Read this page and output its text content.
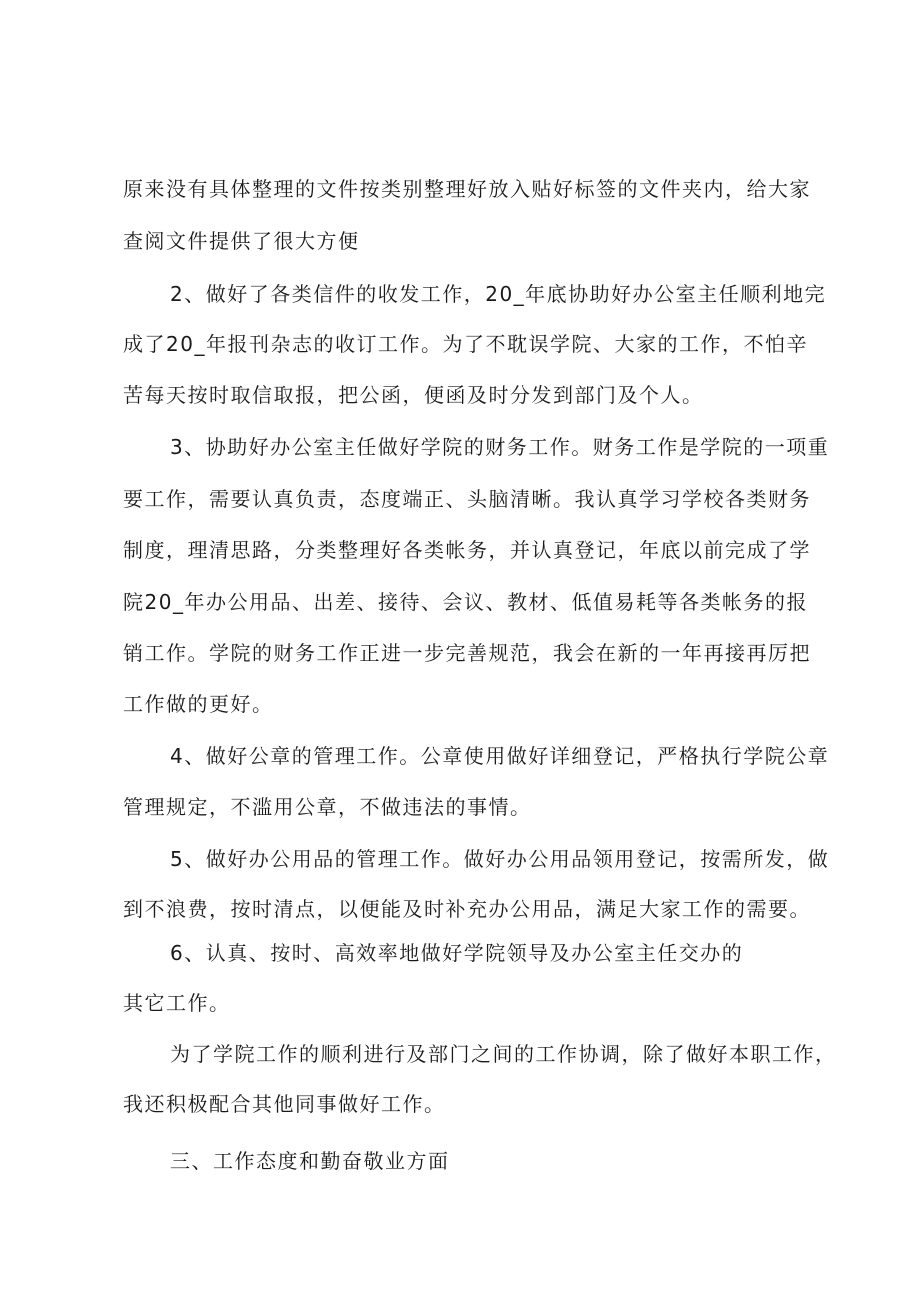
原来没有具体整理的文件按类别整理好放入贴好标签的文件夹内，给大家
查阅文件提供了很大方便
2、做好了各类信件的收发工作，20_年底协助好办公室主任顺利地完
成了20_年报刊杂志的收订工作。为了不耽误学院、大家的工作，不怕辛
苦每天按时取信取报，把公函，便函及时分发到部门及个人。
3、协助好办公室主任做好学院的财务工作。财务工作是学院的一项重
要工作，需要认真负责，态度端正、头脑清晰。我认真学习学校各类财务
制度，理清思路，分类整理好各类帐务，并认真登记，年底以前完成了学
院20_年办公用品、出差、接待、会议、教材、低值易耗等各类帐务的报
销工作。学院的财务工作正进一步完善规范，我会在新的一年再接再厉把
工作做的更好。
4、做好公章的管理工作。公章使用做好详细登记，严格执行学院公章
管理规定，不滥用公章，不做违法的事情。
5、做好办公用品的管理工作。做好办公用品领用登记，按需所发，做
到不浪费，按时清点，以便能及时补充办公用品，满足大家工作的需要。
6、认真、按时、高效率地做好学院领导及办公室主任交办的
其它工作。
为了学院工作的顺利进行及部门之间的工作协调，除了做好本职工作，
我还积极配合其他同事做好工作。
三、工作态度和勤奋敬业方面
